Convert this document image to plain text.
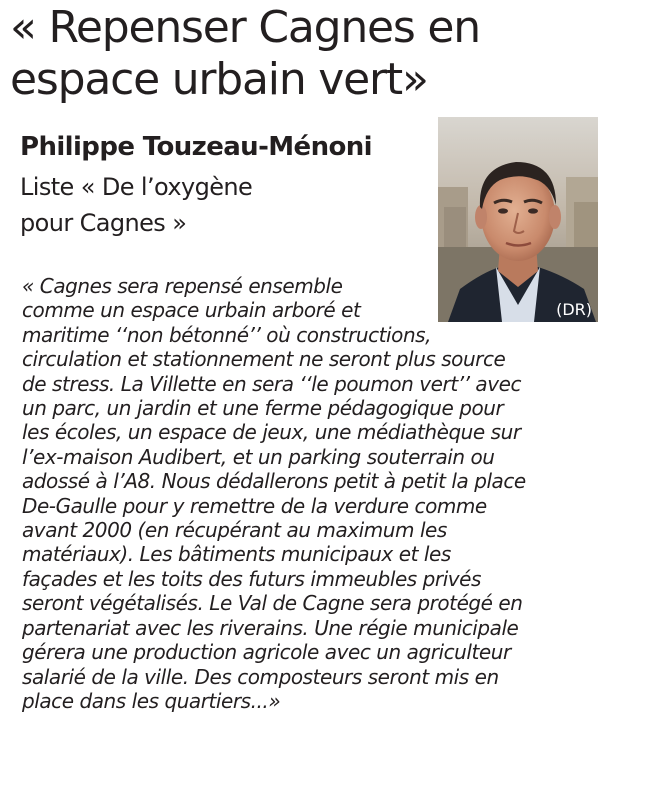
« Repenser Cagnes en
espace urbain vert»
Philippe Touzeau-Ménoni
Liste « De l’oxygène
pour Cagnes »
(DR)
« Cagnes sera repensé ensemble
comme un espace urbain arboré et
maritime ‘‘non bétonné’’ où constructions,
circulation et stationnement ne seront plus source
de stress. La Villette en sera ‘‘le poumon vert’’ avec
un parc, un jardin et une ferme pédagogique pour
les écoles, un espace de jeux, une médiathèque sur
l’ex-maison Audibert, et un parking souterrain ou
adossé à l’A8. Nous dédallerons petit à petit la place
De-Gaulle pour y remettre de la verdure comme
avant 2000 (en récupérant au maximum les
matériaux). Les bâtiments municipaux et les
façades et les toits des futurs immeubles privés
seront végétalisés. Le Val de Cagne sera protégé en
partenariat avec les riverains. Une régie municipale
gérera une production agricole avec un agriculteur
salarié de la ville. Des composteurs seront mis en
place dans les quartiers...»
